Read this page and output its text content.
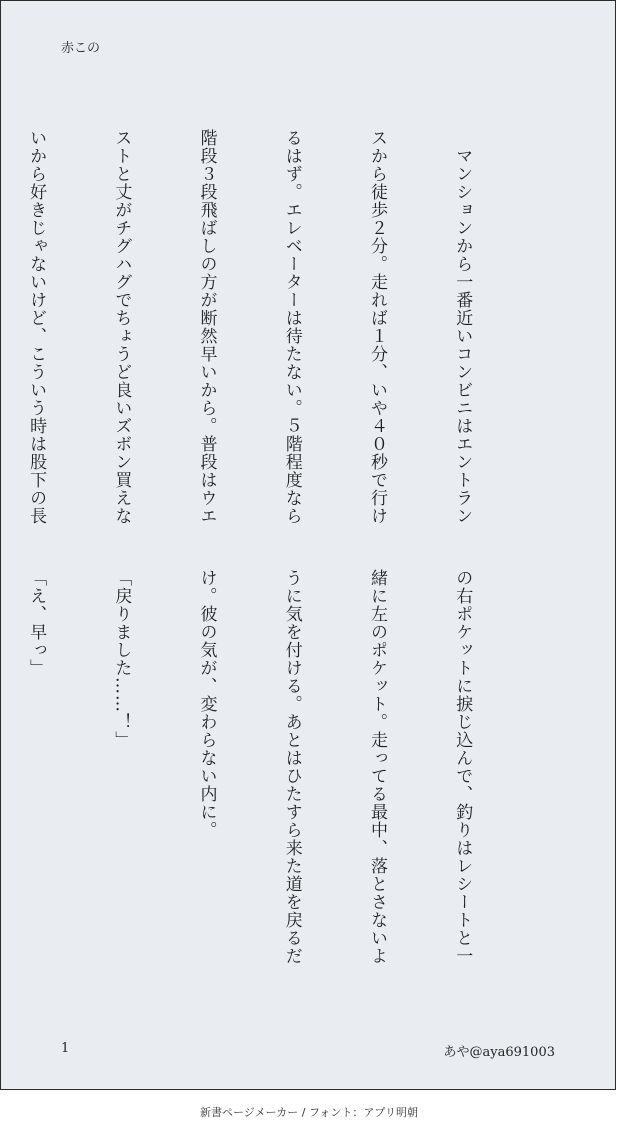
赤この

　マンションから一番近いコンビニはエントラン

スから徒歩２分。走れば１分、いや４０秒で行け

るはず。エレベーターは待たない。５階程度なら

階段３段飛ばしの方が断然早いから。普段はウエ

ストと丈がチグハグでちょうど良いズボン買えな

いから好きじゃないけど、こういう時は股下の長

の右ポケットに捩じ込んで、釣りはレシートと一

緒に左のポケット。走ってる最中、落とさないよ

うに気を付ける。あとはひたすら来た道を戻るだ

け。彼の気が、変わらない内に。

「戻りました……！」

「え、早っ」

1	あや@aya691003
新書ページメーカー / フォント：アプリ明朝
